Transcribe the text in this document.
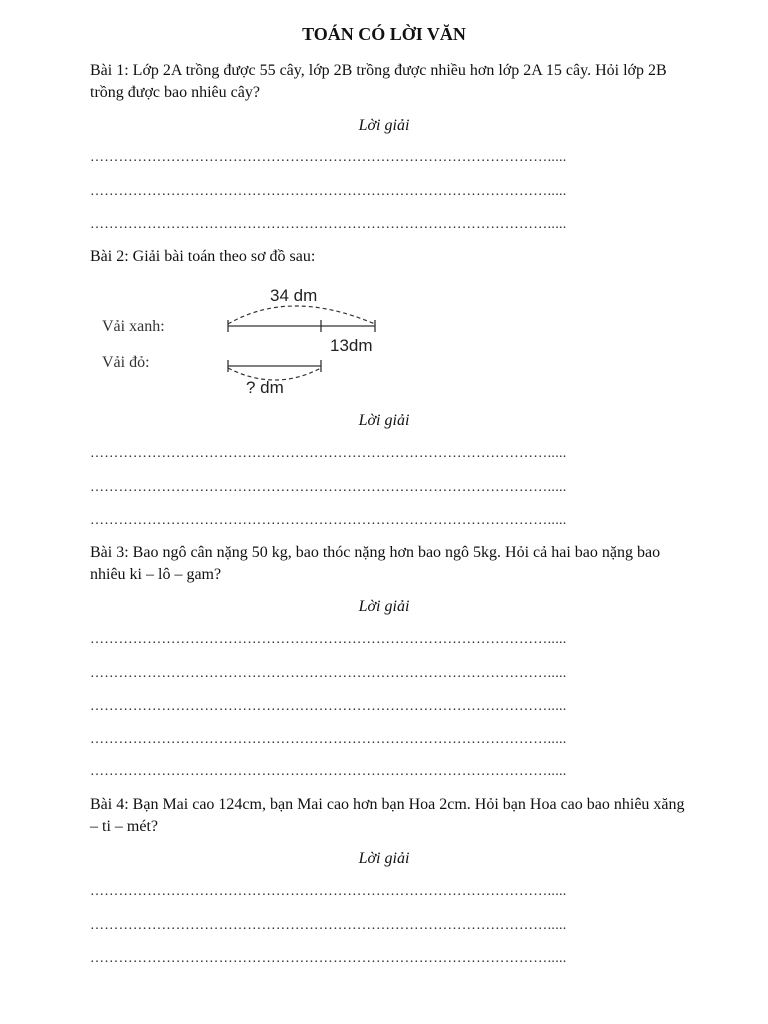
TOÁN CÓ LỜI VĂN
Bài 1: Lớp 2A trồng được 55 cây, lớp 2B trồng được nhiều hơn lớp 2A 15 cây. Hỏi lớp 2B trồng được bao nhiêu cây?
Lời giải
…………………………………………………………………………………….....
…………………………………………………………………………………….....
…………………………………………………………………………………….....
Bài 2: Giải bài toán theo sơ đồ sau:
Vải xanh:
Vải đỏ:
34 dm
13dm
? dm
Lời giải
…………………………………………………………………………………….....
…………………………………………………………………………………….....
…………………………………………………………………………………….....
Bài 3: Bao ngô cân nặng 50 kg, bao thóc nặng hơn bao ngô 5kg. Hỏi cả hai bao nặng bao nhiêu ki – lô – gam?
Lời giải
…………………………………………………………………………………….....
…………………………………………………………………………………….....
…………………………………………………………………………………….....
…………………………………………………………………………………….....
…………………………………………………………………………………….....
Bài 4: Bạn Mai cao 124cm, bạn Mai cao hơn bạn Hoa 2cm. Hỏi bạn Hoa cao bao nhiêu xăng – ti – mét?
Lời giải
…………………………………………………………………………………….....
…………………………………………………………………………………….....
…………………………………………………………………………………….....
